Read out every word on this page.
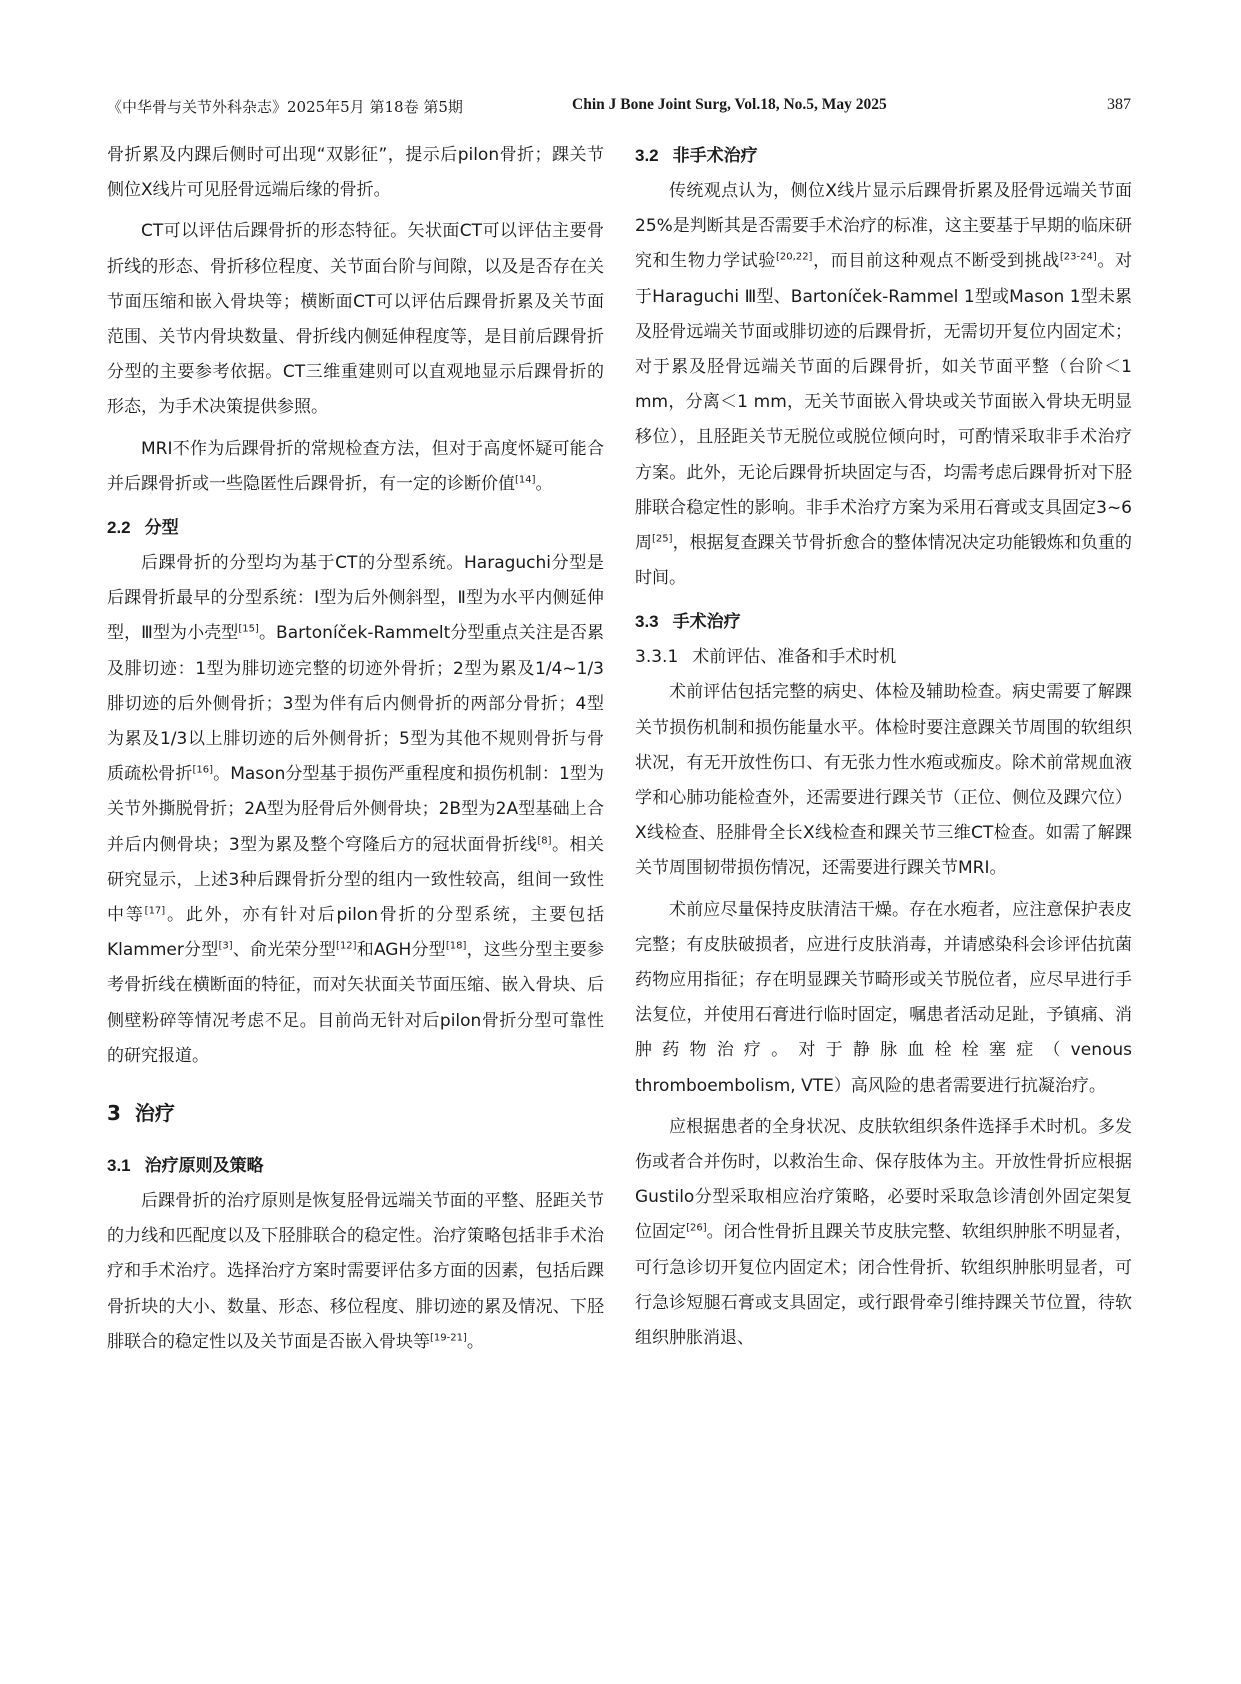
《中华骨与关节外科杂志》2025年5月 第18卷 第5期	Chin J Bone Joint Surg, Vol.18, No.5, May 2025	387

骨折累及内踝后侧时可出现“双影征”，提示后pilon骨折；踝关节侧位X线片可见胫骨远端后缘的骨折。

CT可以评估后踝骨折的形态特征。矢状面CT可以评估主要骨折线的形态、骨折移位程度、关节面台阶与间隙，以及是否存在关节面压缩和嵌入骨块等；横断面CT可以评估后踝骨折累及关节面范围、关节内骨块数量、骨折线内侧延伸程度等，是目前后踝骨折分型的主要参考依据。CT三维重建则可以直观地显示后踝骨折的形态，为手术决策提供参照。

MRI不作为后踝骨折的常规检查方法，但对于高度怀疑可能合并后踝骨折或一些隐匿性后踝骨折，有一定的诊断价值[14]。

2.2 分型

后踝骨折的分型均为基于CT的分型系统。Haraguchi分型是后踝骨折最早的分型系统：Ⅰ型为后外侧斜型，Ⅱ型为水平内侧延伸型，Ⅲ型为小壳型[15]。Bartoníček-Rammelt分型重点关注是否累及腓切迹：1型为腓切迹完整的切迹外骨折；2型为累及1/4~1/3腓切迹的后外侧骨折；3型为伴有后内侧骨折的两部分骨折；4型为累及1/3以上腓切迹的后外侧骨折；5型为其他不规则骨折与骨质疏松骨折[16]。Mason分型基于损伤严重程度和损伤机制：1型为关节外撕脱骨折；2A型为胫骨后外侧骨块；2B型为2A型基础上合并后内侧骨块；3型为累及整个穹隆后方的冠状面骨折线[8]。相关研究显示，上述3种后踝骨折分型的组内一致性较高，组间一致性中等[17]。此外，亦有针对后pilon骨折的分型系统，主要包括Klammer分型[3]、俞光荣分型[12]和AGH分型[18]，这些分型主要参考骨折线在横断面的特征，而对矢状面关节面压缩、嵌入骨块、后侧壁粉碎等情况考虑不足。目前尚无针对后pilon骨折分型可靠性的研究报道。

3 治疗
3.1 治疗原则及策略

后踝骨折的治疗原则是恢复胫骨远端关节面的平整、胫距关节的力线和匹配度以及下胫腓联合的稳定性。治疗策略包括非手术治疗和手术治疗。选择治疗方案时需要评估多方面的因素，包括后踝骨折块的大小、数量、形态、移位程度、腓切迹的累及情况、下胫腓联合的稳定性以及关节面是否嵌入骨块等[19-21]。

3.2 非手术治疗

传统观点认为，侧位X线片显示后踝骨折累及胫骨远端关节面25%是判断其是否需要手术治疗的标准，这主要基于早期的临床研究和生物力学试验[20,22]，而目前这种观点不断受到挑战[23-24]。对于Haraguchi Ⅲ型、Bartoníček-Rammel 1型或Mason 1型未累及胫骨远端关节面或腓切迹的后踝骨折，无需切开复位内固定术；对于累及胫骨远端关节面的后踝骨折，如关节面平整（台阶＜1 mm，分离＜1 mm，无关节面嵌入骨块或关节面嵌入骨块无明显移位），且胫距关节无脱位或脱位倾向时，可酌情采取非手术治疗方案。此外，无论后踝骨折块固定与否，均需考虑后踝骨折对下胫腓联合稳定性的影响。非手术治疗方案为采用石膏或支具固定3~6周[25]，根据复查踝关节骨折愈合的整体情况决定功能锻炼和负重的时间。

3.3 手术治疗
3.3.1 术前评估、准备和手术时机

术前评估包括完整的病史、体检及辅助检查。病史需要了解踝关节损伤机制和损伤能量水平。体检时要注意踝关节周围的软组织状况，有无开放性伤口、有无张力性水疱或痂皮。除术前常规血液学和心肺功能检查外，还需要进行踝关节（正位、侧位及踝穴位）X线检查、胫腓骨全长X线检查和踝关节三维CT检查。如需了解踝关节周围韧带损伤情况，还需要进行踝关节MRI。

术前应尽量保持皮肤清洁干燥。存在水疱者，应注意保护表皮完整；有皮肤破损者，应进行皮肤消毒，并请感染科会诊评估抗菌药物应用指征；存在明显踝关节畸形或关节脱位者，应尽早进行手法复位，并使用石膏进行临时固定，嘱患者活动足趾，予镇痛、消肿药物治疗。对于静脉血栓栓塞症（venous thromboembolism, VTE）高风险的患者需要进行抗凝治疗。

应根据患者的全身状况、皮肤软组织条件选择手术时机。多发伤或者合并伤时，以救治生命、保存肢体为主。开放性骨折应根据Gustilo分型采取相应治疗策略，必要时采取急诊清创外固定架复位固定[26]。闭合性骨折且踝关节皮肤完整、软组织肿胀不明显者，可行急诊切开复位内固定术；闭合性骨折、软组织肿胀明显者，可行急诊短腿石膏或支具固定，或行跟骨牵引维持踝关节位置，待软组织肿胀消退、
